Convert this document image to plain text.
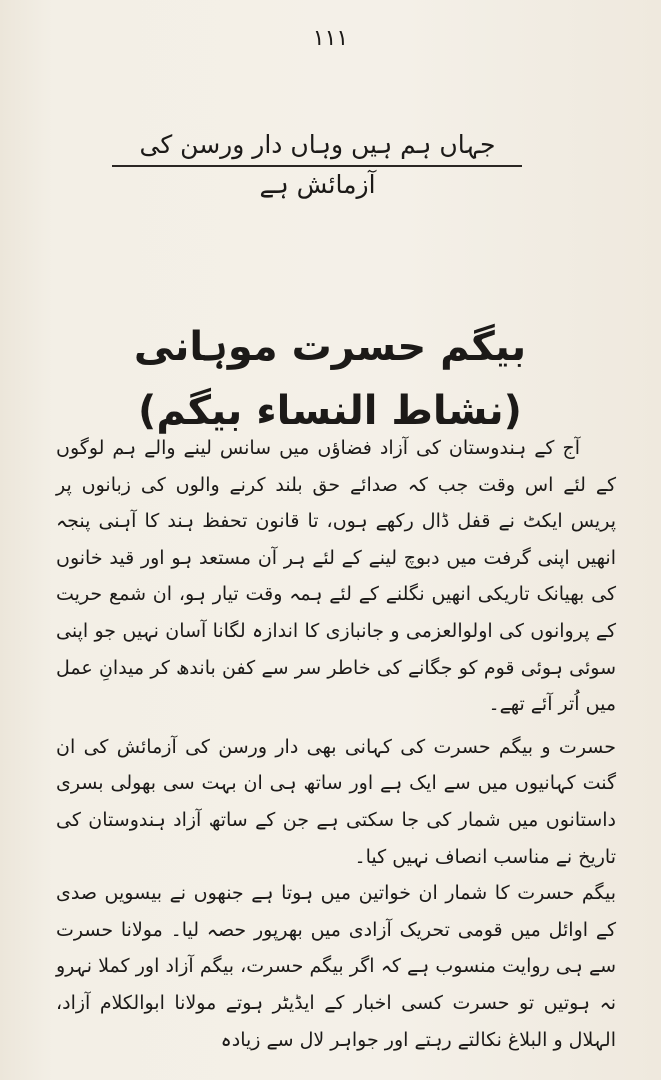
۱۱۱
جہاں ہم ہیں وہاں دار ورسن کی آزمائش ہے
بیگم حسرت موہانی (نشاط النساء بیگم)

آج کے ہندوستان کی آزاد فضاؤں میں سانس لینے والے ہم لوگوں کے لئے اس وقت جب کہ صدائے حق بلند کرنے والوں کی زبانوں پر پریس ایکٹ نے قفل ڈال رکھے ہوں، تا قانون تحفظ ہند کا آہنی پنجہ انھیں اپنی گرفت میں دبوچ لینے کے لئے ہر آن مستعد ہو اور قید خانوں کی بھیانک تاریکی انھیں نگلنے کے لئے ہمہ وقت تیار ہو، ان شمع حریت کے پروانوں کی اولوالعزمی و جانبازی کا اندازہ لگانا آسان نہیں جو اپنی سوئی ہوئی قوم کو جگانے کی خاطر سر سے کفن باندھ کر میدانِ عمل میں اُتر آئے تھے۔

حسرت و بیگم حسرت کی کہانی بھی دار ورسن کی آزمائش کی ان گنت کہانیوں میں سے ایک ہے اور ساتھ ہی ان بہت سی بھولی بسری داستانوں میں شمار کی جا سکتی ہے جن کے ساتھ آزاد ہندوستان کی تاریخ نے مناسب انصاف نہیں کیا۔

بیگم حسرت کا شمار ان خواتین میں ہوتا ہے جنھوں نے بیسویں صدی کے اوائل میں قومی تحریک آزادی میں بھرپور حصہ لیا۔ مولانا حسرت سے ہی روایت منسوب ہے کہ اگر بیگم حسرت، بیگم آزاد اور کملا نہرو نہ ہوتیں تو حسرت کسی اخبار کے ایڈیٹر ہوتے مولانا ابوالکلام آزاد، الہلال و البلاغ نکالتے رہتے اور جواہر لال سے زیادہ
